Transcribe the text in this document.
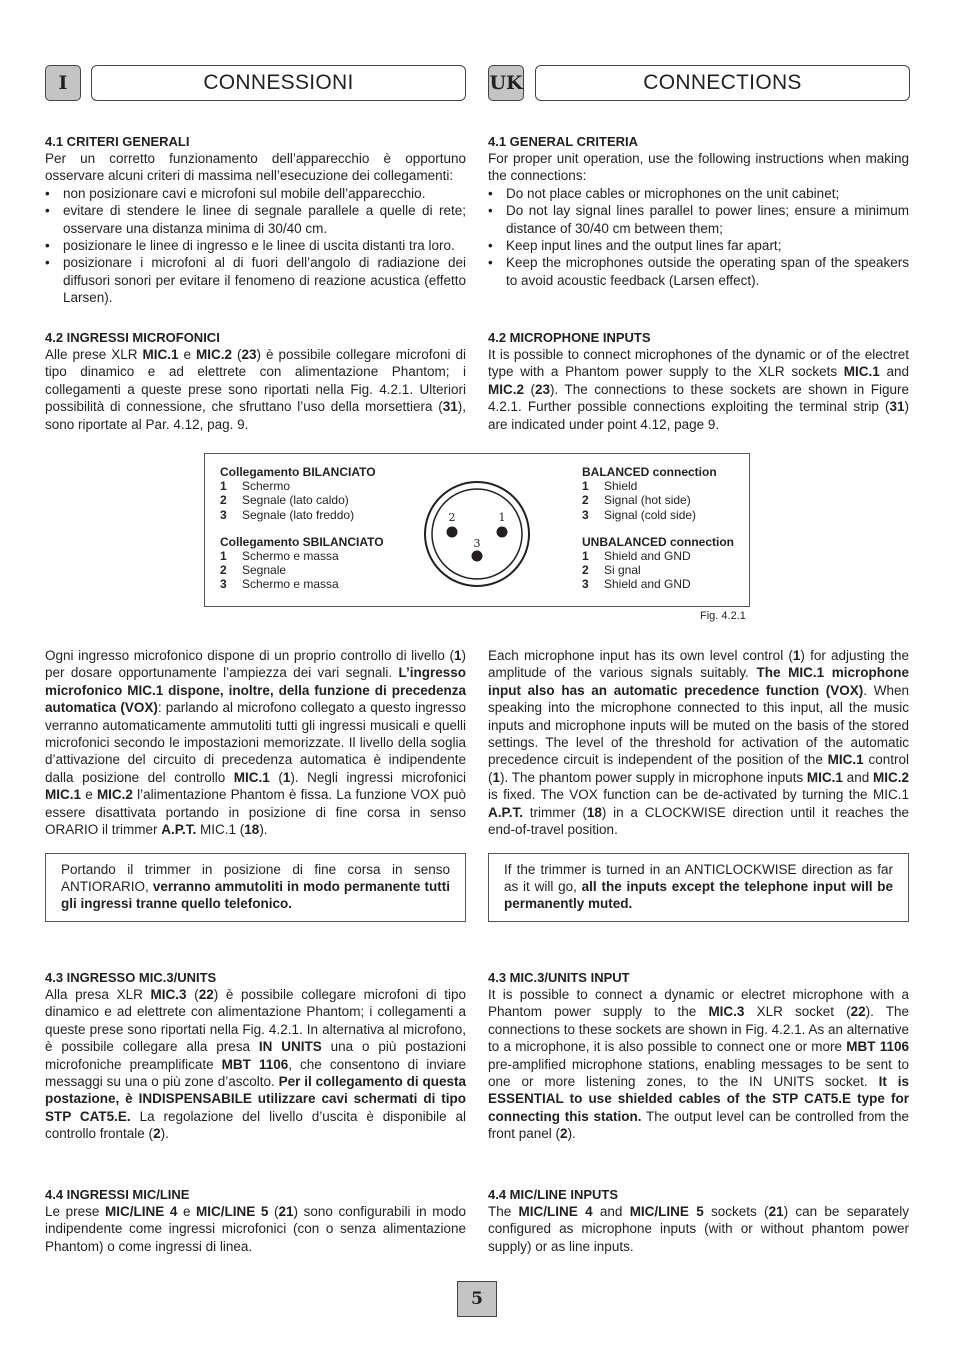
I	CONNESSIONI	UK	CONNECTIONS
4.1 CRITERI GENERALI

Per un corretto funzionamento dell’apparecchio è opportuno osservare alcuni criteri di massima nell’esecuzione dei collegamenti:

• non posizionare cavi e microfoni sul mobile dell’apparecchio.
• evitare di stendere le linee di segnale parallele a quelle di rete; osservare una distanza minima di 30/40 cm.
• posizionare le linee di ingresso e le linee di uscita distanti tra loro.
• posizionare i microfoni al di fuori dell’angolo di radiazione dei diffusori sonori per evitare il fenomeno di reazione acustica (effetto Larsen).
4.1 GENERAL CRITERIA

For proper unit operation, use the following instructions when making the connections:

• Do not place cables or microphones on the unit cabinet;
• Do not lay signal lines parallel to power lines; ensure a minimum distance of 30/40 cm between them;
• Keep input lines and the output lines far apart;
• Keep the microphones outside the operating span of the speakers to avoid acoustic feedback (Larsen effect).
4.2 INGRESSI MICROFONICI

Alle prese XLR MIC.1 e MIC.2 (23) è possibile collegare microfoni di tipo dinamico e ad elettrete con alimentazione Phantom; i collegamenti a queste prese sono riportati nella Fig. 4.2.1. Ulteriori possibilità di connessione, che sfruttano l’uso della morsettiera (31), sono riportate al Par. 4.12, pag. 9.

4.2 MICROPHONE INPUTS

It is possible to connect microphones of the dynamic or of the electret type with a Phantom power supply to the XLR sockets MIC.1 and MIC.2 (23). The connections to these sockets are shown in Figure 4.2.1. Further possible connections exploiting the terminal strip (31) are indicated under point 4.12, page 9.

Collegamento BILANCIATO
1 Schermo
2 Segnale (lato caldo)
3 Segnale (lato freddo)
Collegamento SBILANCIATO
1 Schermo e massa
2 Segnale
3 Schermo e massa
1
2
3
BALANCED connection
1 Shield
2 Signal (hot side)
3 Signal (cold side)
UNBALANCED connection
1 Shield and GND
2 Si gnal
3 Shield and GND
Fig. 4.2.1

Ogni ingresso microfonico dispone di un proprio controllo di livello (1) per dosare opportunamente l’ampiezza dei vari segnali. L’ingresso microfonico MIC.1 dispone, inoltre, della funzione di precedenza automatica (VOX): parlando al microfono collegato a questo ingresso verranno automaticamente ammutoliti tutti gli ingressi musicali e quelli microfonici secondo le impostazioni memorizzate. Il livello della soglia d’attivazione del circuito di precedenza automatica è indipendente dalla posizione del controllo MIC.1 (1). Negli ingressi microfonici MIC.1 e MIC.2 l’alimentazione Phantom è fissa. La funzione VOX può essere disattivata portando in posizione di fine corsa in senso ORARIO il trimmer A.P.T. MIC.1 (18).

Each microphone input has its own level control (1) for adjusting the amplitude of the various signals suitably. The MIC.1 microphone input also has an automatic precedence function (VOX). When speaking into the microphone connected to this input, all the music inputs and microphone inputs will be muted on the basis of the stored settings. The level of the threshold for activation of the automatic precedence circuit is independent of the position of the MIC.1 control (1). The phantom power supply in microphone inputs MIC.1 and MIC.2 is fixed. The VOX function can be de-activated by turning the MIC.1 A.P.T. trimmer (18) in a CLOCKWISE direction until it reaches the end-of-travel position.

Portando il trimmer in posizione di fine corsa in senso ANTIORARIO, verranno ammutoliti in modo permanente tutti gli ingressi tranne quello telefonico.

If the trimmer is turned in an ANTICLOCKWISE direction as far as it will go, all the inputs except the telephone input will be permanently muted.

4.3 INGRESSO MIC.3/UNITS

Alla presa XLR MIC.3 (22) è possibile collegare microfoni di tipo dinamico e ad elettrete con alimentazione Phantom; i collegamenti a queste prese sono riportati nella Fig. 4.2.1. In alternativa al microfono, è possibile collegare alla presa IN UNITS una o più postazioni microfoniche preamplificate MBT 1106, che consentono di inviare messaggi su una o più zone d’ascolto. Per il collegamento di questa postazione, è INDISPENSABILE utilizzare cavi schermati di tipo STP CAT5.E. La regolazione del livello d’uscita è disponibile al controllo frontale (2).

4.3 MIC.3/UNITS INPUT

It is possible to connect a dynamic or electret microphone with a Phantom power supply to the MIC.3 XLR socket (22). The connections to these sockets are shown in Fig. 4.2.1. As an alternative to a microphone, it is also possible to connect one or more MBT 1106 pre-amplified microphone stations, enabling messages to be sent to one or more listening zones, to the IN UNITS socket. It is ESSENTIAL to use shielded cables of the STP CAT5.E type for connecting this station. The output level can be controlled from the front panel (2).

4.4 INGRESSI MIC/LINE

Le prese MIC/LINE 4 e MIC/LINE 5 (21) sono configurabili in modo indipendente come ingressi microfonici (con o senza alimentazione Phantom) o come ingressi di linea.

4.4 MIC/LINE INPUTS

The MIC/LINE 4 and MIC/LINE 5 sockets (21) can be separately configured as microphone inputs (with or without phantom power supply) or as line inputs.

5
